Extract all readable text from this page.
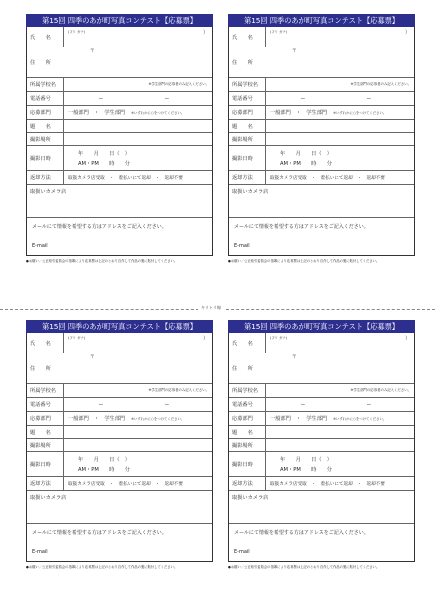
キリトリ線
第15回 四季のあが町写真コンテスト【応募票】
氏　　名
(フリ ガナ)	）
住　　所
〒
所属学校名	※学生部門の応募者のみ記入ください。
電話番号	ー	ー
応募部門	一般部門　・　学生部門 ※いずれかに○をつけてください。
題　　名
撮影場所
撮影日時
年　　月　　日（　）
AM・PM　　時　　分
返却方法	取扱カメラ店受取　・　着払いにて返却　・　返却不要
取扱いカメラ店
メールにて情報を希望する方はアドレスをご記入ください。
E-mail
●お願い／公正取引委員会の指導により応募票は上記のとおり自作して作品の裏に貼付してください。
第15回 四季のあが町写真コンテスト【応募票】
氏　　名
(フリ ガナ)	）
住　　所
〒
所属学校名	※学生部門の応募者のみ記入ください。
電話番号	ー	ー
応募部門	一般部門　・　学生部門 ※いずれかに○をつけてください。
題　　名
撮影場所
撮影日時
年　　月　　日（　）
AM・PM　　時　　分
返却方法	取扱カメラ店受取　・　着払いにて返却　・　返却不要
取扱いカメラ店
メールにて情報を希望する方はアドレスをご記入ください。
E-mail
●お願い／公正取引委員会の指導により応募票は上記のとおり自作して作品の裏に貼付してください。
第15回 四季のあが町写真コンテスト【応募票】
氏　　名
(フリ ガナ)	）
住　　所
〒
所属学校名	※学生部門の応募者のみ記入ください。
電話番号	ー	ー
応募部門	一般部門　・　学生部門 ※いずれかに○をつけてください。
題　　名
撮影場所
撮影日時
年　　月　　日（　）
AM・PM　　時　　分
返却方法	取扱カメラ店受取　・　着払いにて返却　・　返却不要
取扱いカメラ店
メールにて情報を希望する方はアドレスをご記入ください。
E-mail
●お願い／公正取引委員会の指導により応募票は上記のとおり自作して作品の裏に貼付してください。
第15回 四季のあが町写真コンテスト【応募票】
氏　　名
(フリ ガナ)	）
住　　所
〒
所属学校名	※学生部門の応募者のみ記入ください。
電話番号	ー	ー
応募部門	一般部門　・　学生部門 ※いずれかに○をつけてください。
題　　名
撮影場所
撮影日時
年　　月　　日（　）
AM・PM　　時　　分
返却方法	取扱カメラ店受取　・　着払いにて返却　・　返却不要
取扱いカメラ店
メールにて情報を希望する方はアドレスをご記入ください。
E-mail
●お願い／公正取引委員会の指導により応募票は上記のとおり自作して作品の裏に貼付してください。
